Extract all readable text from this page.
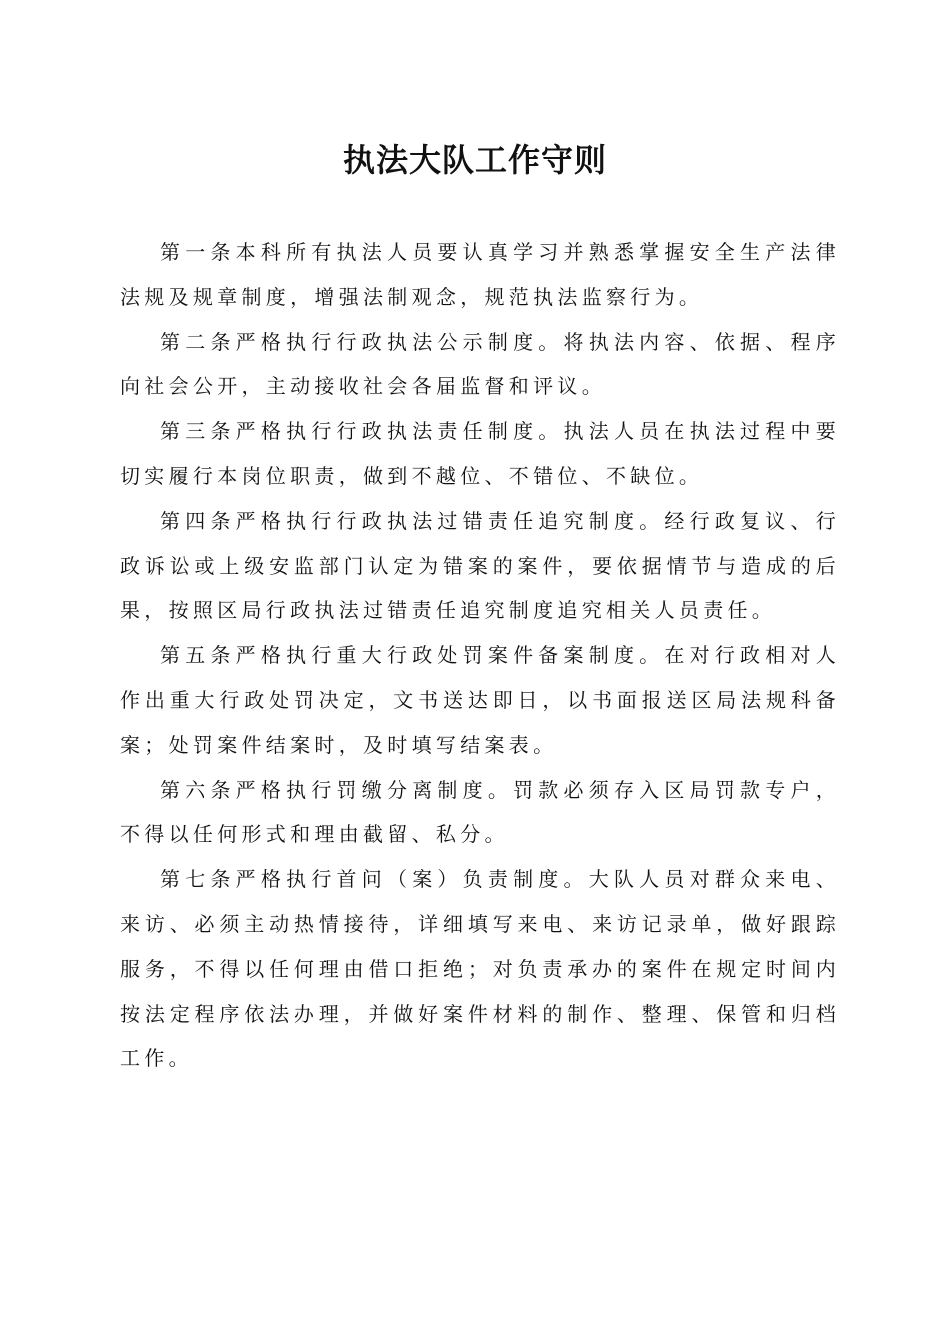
执法大队工作守则

第一条本科所有执法人员要认真学习并熟悉掌握安全生产法律法规及规章制度，增强法制观念，规范执法监察行为。

第二条严格执行行政执法公示制度。将执法内容、依据、程序向社会公开，主动接收社会各届监督和评议。

第三条严格执行行政执法责任制度。执法人员在执法过程中要切实履行本岗位职责，做到不越位、不错位、不缺位。

第四条严格执行行政执法过错责任追究制度。经行政复议、行政诉讼或上级安监部门认定为错案的案件，要依据情节与造成的后果，按照区局行政执法过错责任追究制度追究相关人员责任。

第五条严格执行重大行政处罚案件备案制度。在对行政相对人作出重大行政处罚决定，文书送达即日，以书面报送区局法规科备案；处罚案件结案时，及时填写结案表。

第六条严格执行罚缴分离制度。罚款必须存入区局罚款专户，不得以任何形式和理由截留、私分。

第七条严格执行首问（案）负责制度。大队人员对群众来电、来访、必须主动热情接待，详细填写来电、来访记录单，做好跟踪服务，不得以任何理由借口拒绝；对负责承办的案件在规定时间内按法定程序依法办理，并做好案件材料的制作、整理、保管和归档工作。
